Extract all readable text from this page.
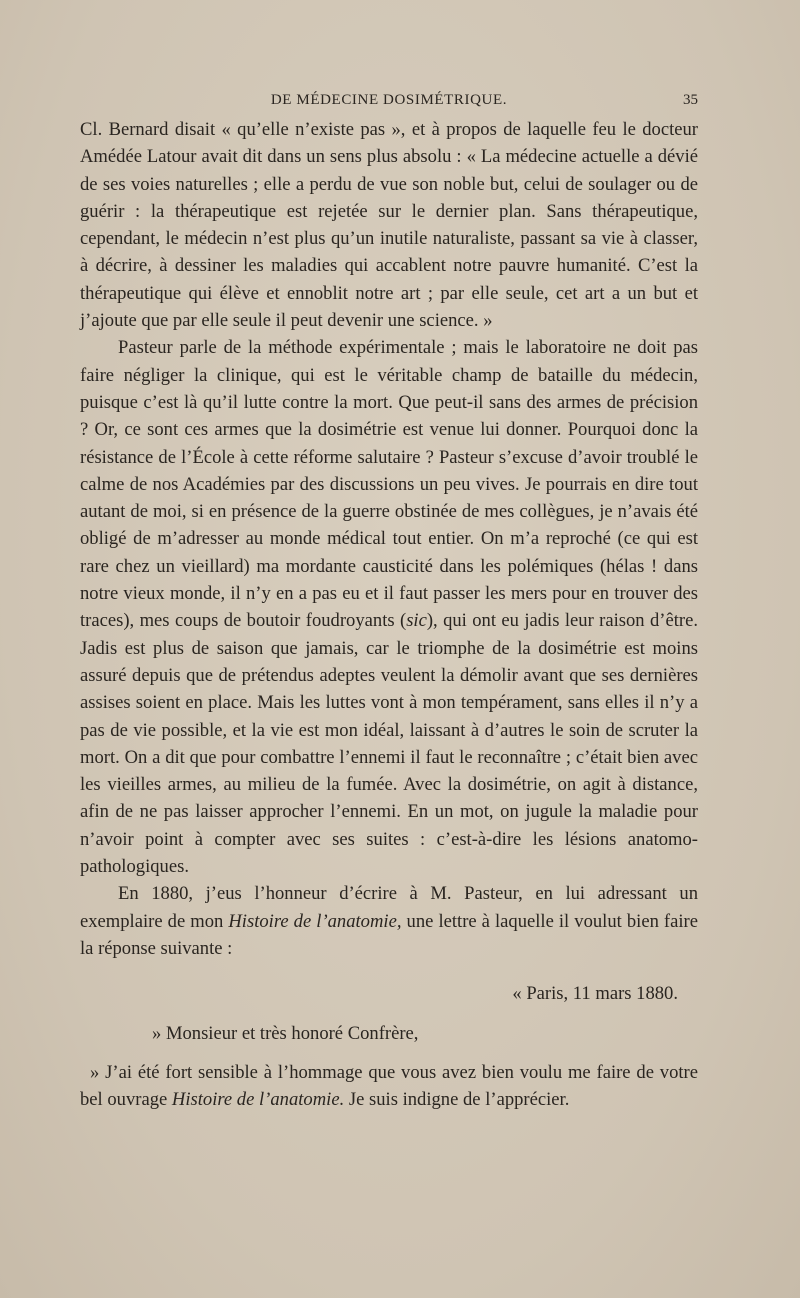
DE MÉDECINE DOSIMÉTRIQUE.	35

Cl. Bernard disait « qu’elle n’existe pas », et à propos de laquelle feu le docteur Amédée Latour avait dit dans un sens plus absolu : « La médecine actuelle a dévié de ses voies naturelles ; elle a perdu de vue son noble but, celui de soulager ou de guérir : la thérapeutique est rejetée sur le dernier plan. Sans thérapeutique, cependant, le médecin n’est plus qu’un inutile naturaliste, passant sa vie à classer, à décrire, à dessiner les maladies qui accablent notre pauvre humanité. C’est la thérapeutique qui élève et ennoblit notre art ; par elle seule, cet art a un but et j’ajoute que par elle seule il peut devenir une science. »

Pasteur parle de la méthode expérimentale ; mais le laboratoire ne doit pas faire négliger la clinique, qui est le véritable champ de bataille du médecin, puisque c’est là qu’il lutte contre la mort. Que peut-il sans des armes de précision ? Or, ce sont ces armes que la dosimétrie est venue lui donner. Pourquoi donc la résistance de l’École à cette réforme salutaire ? Pasteur s’excuse d’avoir troublé le calme de nos Académies par des discussions un peu vives. Je pourrais en dire tout autant de moi, si en présence de la guerre obstinée de mes collègues, je n’avais été obligé de m’adresser au monde médical tout entier. On m’a reproché (ce qui est rare chez un vieillard) ma mordante causticité dans les polémiques (hélas ! dans notre vieux monde, il n’y en a pas eu et il faut passer les mers pour en trouver des traces), mes coups de boutoir foudroyants (sic), qui ont eu jadis leur raison d’être. Jadis est plus de saison que jamais, car le triomphe de la dosimétrie est moins assuré depuis que de prétendus adeptes veulent la démolir avant que ses dernières assises soient en place. Mais les luttes vont à mon tempérament, sans elles il n’y a pas de vie possible, et la vie est mon idéal, laissant à d’autres le soin de scruter la mort. On a dit que pour combattre l’ennemi il faut le reconnaître ; c’était bien avec les vieilles armes, au milieu de la fumée. Avec la dosimétrie, on agit à distance, afin de ne pas laisser approcher l’ennemi. En un mot, on jugule la maladie pour n’avoir point à compter avec ses suites : c’est-à-dire les lésions anatomo-pathologiques.

En 1880, j’eus l’honneur d’écrire à M. Pasteur, en lui adressant un exemplaire de mon Histoire de l’anatomie, une lettre à laquelle il voulut bien faire la réponse suivante :

« Paris, 11 mars 1880.

» Monsieur et très honoré Confrère,

» J’ai été fort sensible à l’hommage que vous avez bien voulu me faire de votre bel ouvrage Histoire de l’anatomie. Je suis indigne de l’apprécier.
